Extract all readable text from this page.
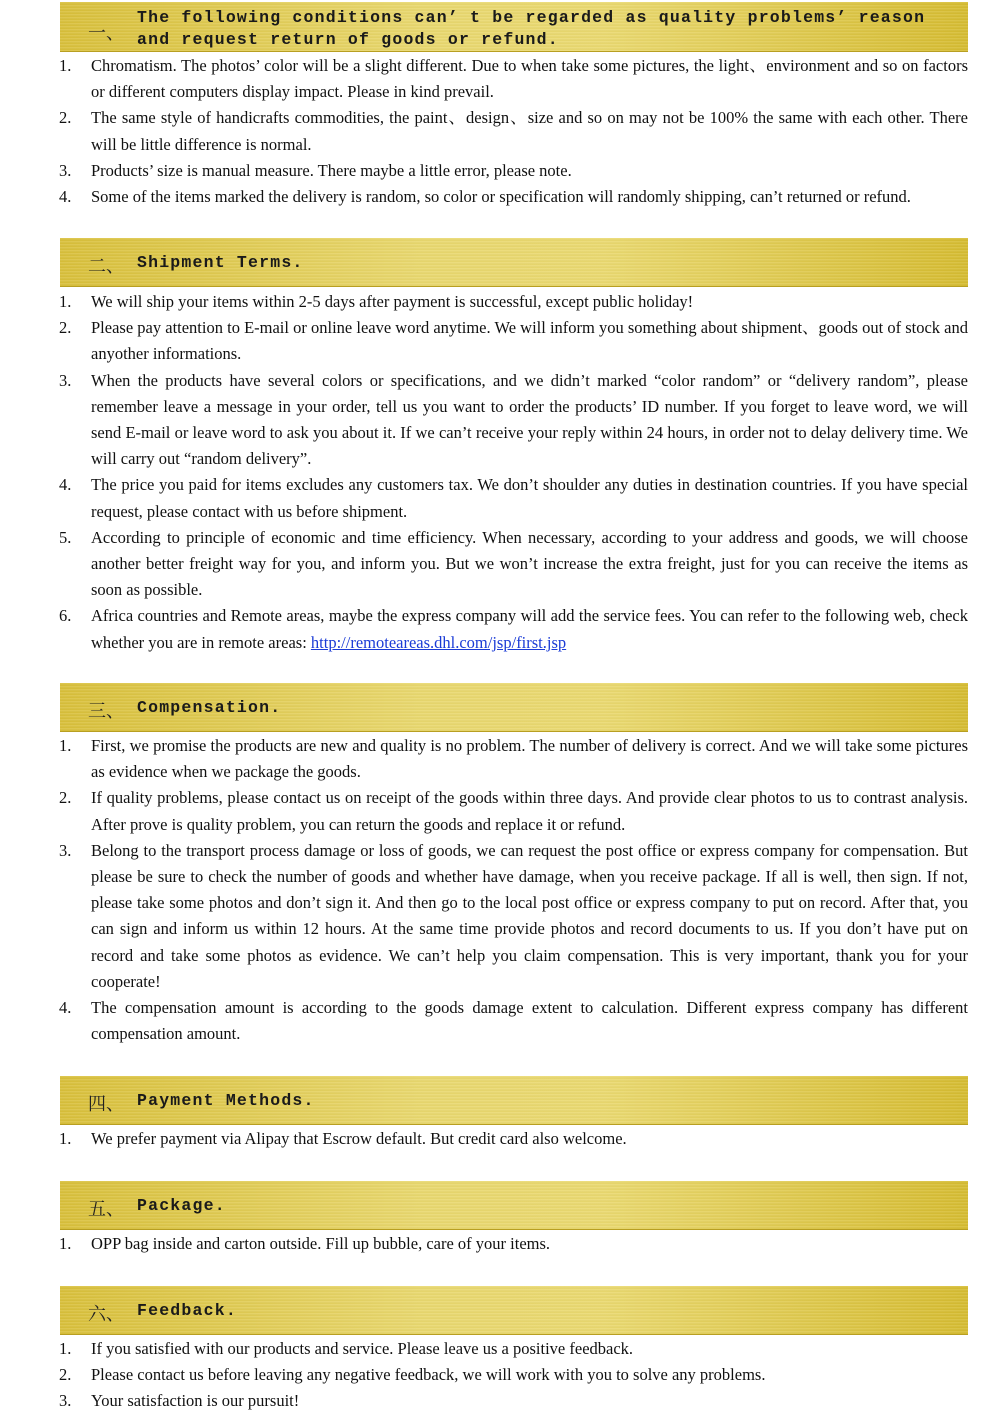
一、
The following conditions can’ t be regarded as quality problems’ reason
and request return of goods or refund.
1.	Chromatism. The photos’ color will be a slight different. Due to when take some pictures, the light、environment and so on factors or different computers display impact. Please in kind prevail.
2.	The same style of handicrafts commodities, the paint、design、size and so on may not be 100% the same with each other. There will be little difference is normal.
3.	Products’ size is manual measure. There maybe a little error, please note.
4.	Some of the items marked the delivery is random, so color or specification will randomly shipping, can’t returned or refund.
二、 Shipment Terms.
1.	We will ship your items within 2-5 days after payment is successful, except public holiday!
2.	Please pay attention to E-mail or online leave word anytime. We will inform you something about shipment、goods out of stock and anyother informations.
3.	When the products have several colors or specifications, and we didn’t marked “color random” or “delivery random”, please remember leave a message in your order, tell us you want to order the products’ ID number. If you forget to leave word, we will send E-mail or leave word to ask you about it. If we can’t receive your reply within 24 hours, in order not to delay delivery time. We will carry out “random delivery”.
4.	The price you paid for items excludes any customers tax. We don’t shoulder any duties in destination countries. If you have special request, please contact with us before shipment.
5.	According to principle of economic and time efficiency. When necessary, according to your address and goods, we will choose another better freight way for you, and inform you. But we won’t increase the extra freight, just for you can receive the items as soon as possible.
6.	Africa countries and Remote areas, maybe the express company will add the service fees. You can refer to the following web, check whether you are in remote areas: http://remoteareas.dhl.com/jsp/first.jsp
三、 Compensation.
1.	First, we promise the products are new and quality is no problem. The number of delivery is correct. And we will take some pictures as evidence when we package the goods.
2.	If quality problems, please contact us on receipt of the goods within three days. And provide clear photos to us to contrast analysis. After prove is quality problem, you can return the goods and replace it or refund.
3.	Belong to the transport process damage or loss of goods, we can request the post office or express company for compensation. But please be sure to check the number of goods and whether have damage, when you receive package. If all is well, then sign. If not, please take some photos and don’t sign it. And then go to the local post office or express company to put on record. After that, you can sign and inform us within 12 hours. At the same time provide photos and record documents to us. If you don’t have put on record and take some photos as evidence. We can’t help you claim compensation. This is very important, thank you for your cooperate!
4.	The compensation amount is according to the goods damage extent to calculation. Different express company has different compensation amount.
四、 Payment Methods.
1.	We prefer payment via Alipay that Escrow default. But credit card also welcome.
五、 Package.
1.	OPP bag inside and carton outside. Fill up bubble, care of your items.
六、 Feedback.
1.	If you satisfied with our products and service. Please leave us a positive feedback.
2.	Please contact us before leaving any negative feedback, we will work with you to solve any problems.
3.	Your satisfaction is our pursuit!
